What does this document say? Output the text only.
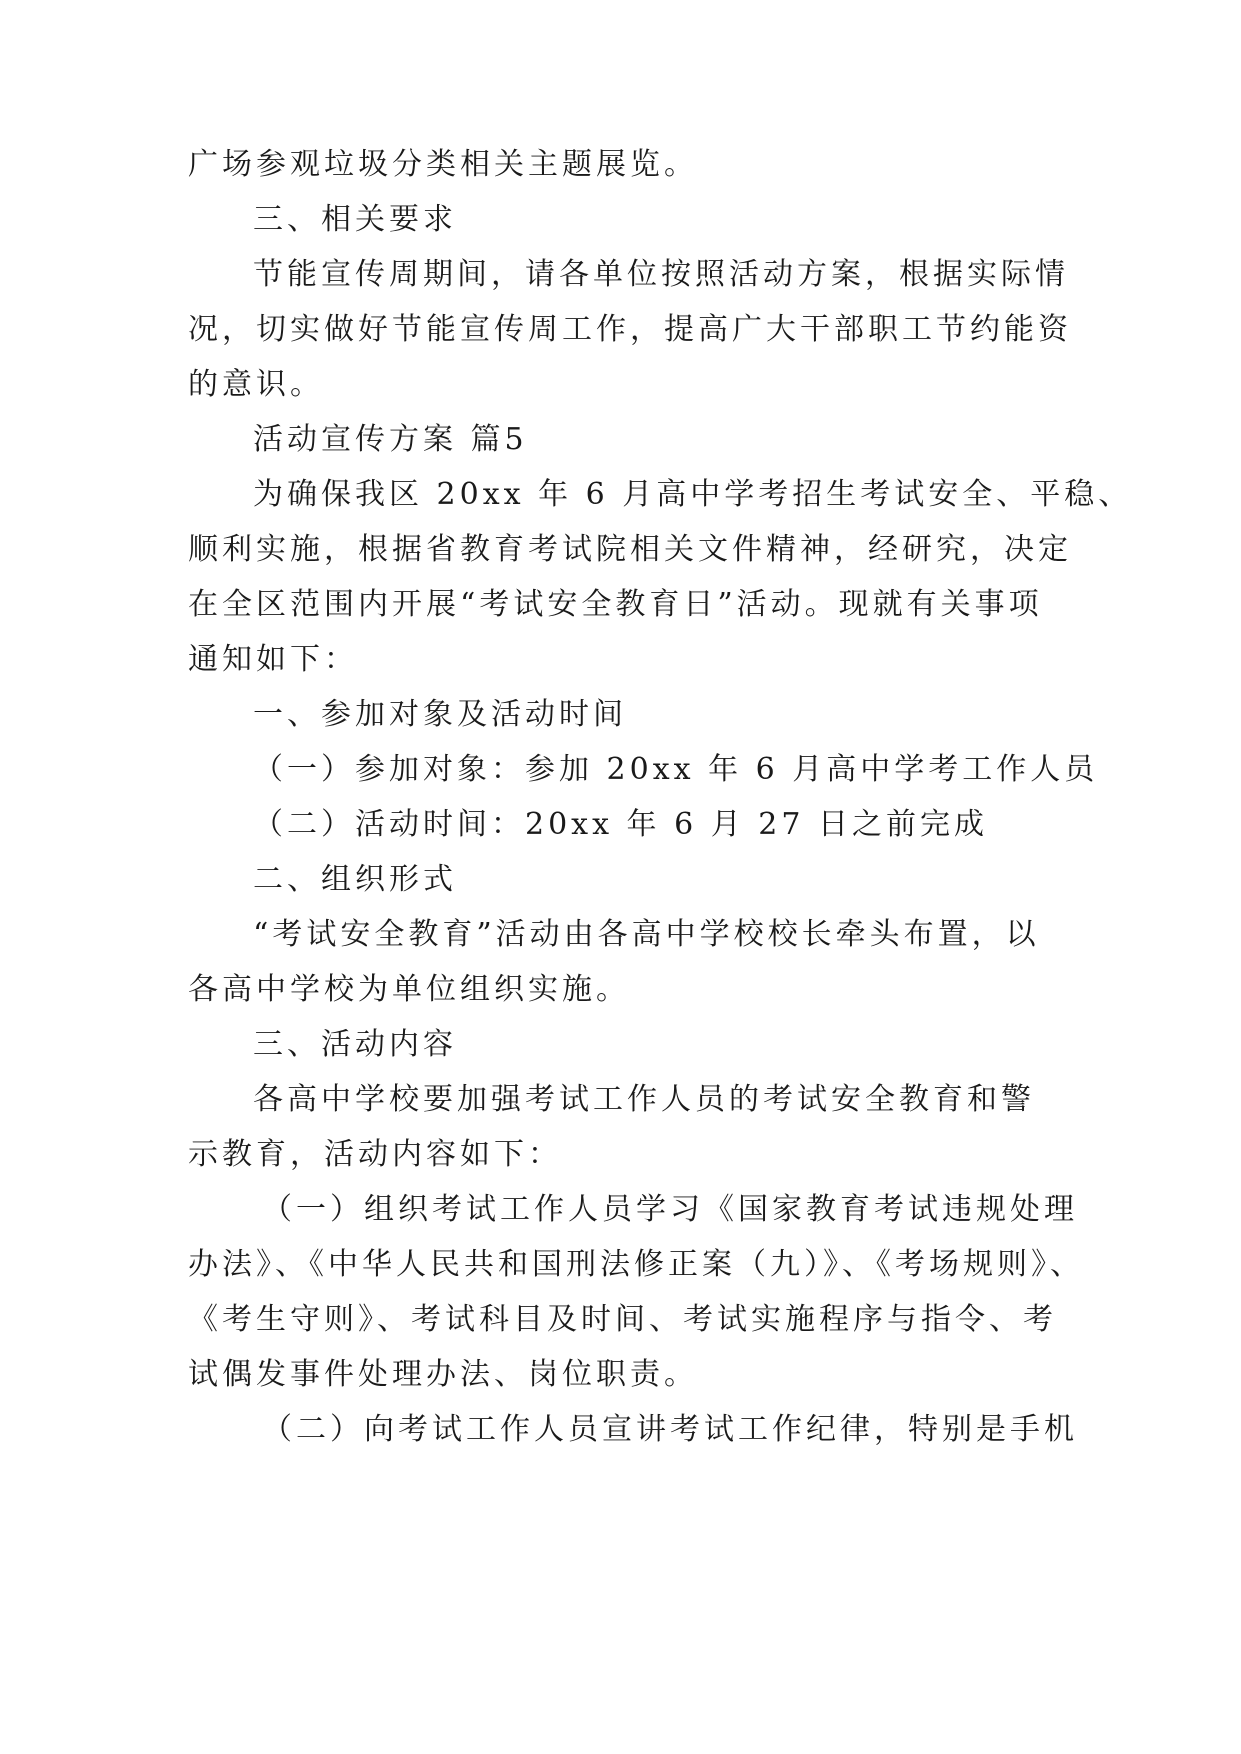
广场参观垃圾分类相关主题展览。
三、相关要求
节能宣传周期间，请各单位按照活动方案，根据实际情
况，切实做好节能宣传周工作，提高广大干部职工节约能资
的意识。
活动宣传方案 篇5
为确保我区 20xx 年 6 月高中学考招生考试安全、平稳、
顺利实施，根据省教育考试院相关文件精神，经研究，决定
在全区范围内开展“考试安全教育日”活动。现就有关事项
通知如下：
一、参加对象及活动时间
（一）参加对象：参加 20xx 年 6 月高中学考工作人员
（二）活动时间：20xx 年 6 月 27 日之前完成
二、组织形式
“考试安全教育”活动由各高中学校校长牵头布置，以
各高中学校为单位组织实施。
三、活动内容
各高中学校要加强考试工作人员的考试安全教育和警
示教育，活动内容如下：
（一）组织考试工作人员学习《国家教育考试违规处理
办法》、《中华人民共和国刑法修正案（九）》、《考场规则》、
《考生守则》、考试科目及时间、考试实施程序与指令、考
试偶发事件处理办法、岗位职责。
（二）向考试工作人员宣讲考试工作纪律，特别是手机
